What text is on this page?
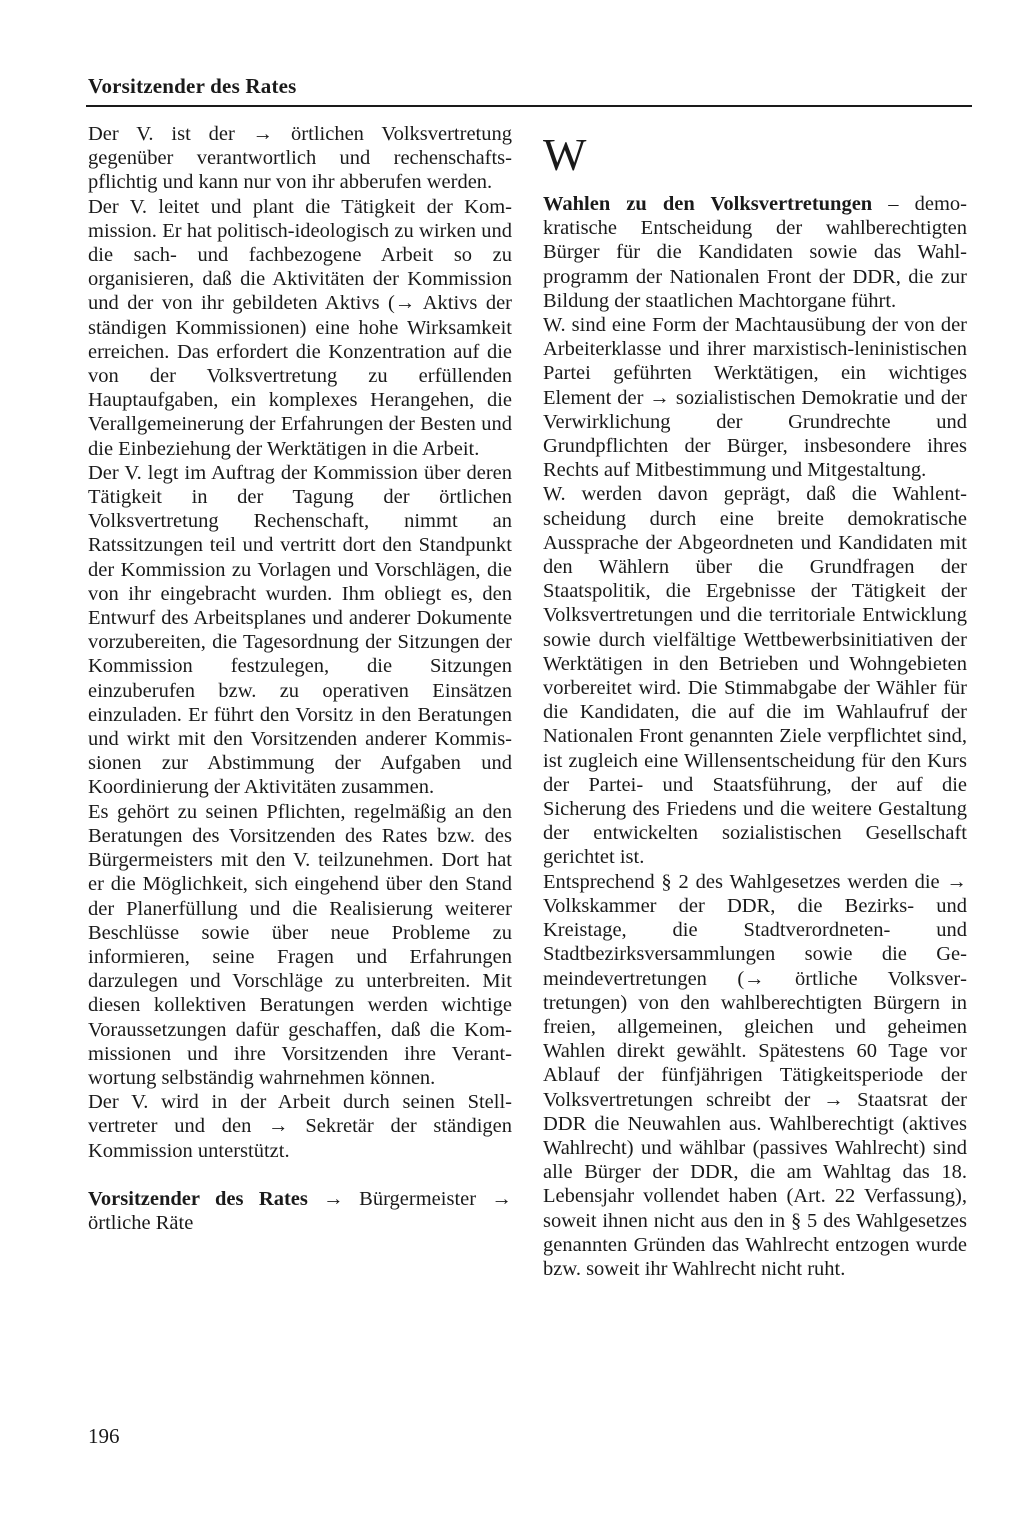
Vorsitzender des Rates

Der V. ist der → örtlichen Volksvertretung gegenüber verantwortlich und rechenschaftspflichtig und kann nur von ihr abberufen werden.

Der V. leitet und plant die Tätigkeit der Kommission. Er hat politisch-ideologisch zu wirken und die sach- und fachbezogene Arbeit so zu organisieren, daß die Aktivitäten der Kommission und der von ihr gebildeten Aktivs (→ Aktivs der ständigen Kommissionen) eine hohe Wirksamkeit erreichen. Das erfordert die Konzentration auf die von der Volksvertretung zu erfüllenden Hauptaufgaben, ein komplexes Herangehen, die Verallgemeinerung der Erfahrungen der Besten und die Einbeziehung der Werktätigen in die Arbeit.

Der V. legt im Auftrag der Kommission über deren Tätigkeit in der Tagung der örtlichen Volksvertretung Rechenschaft, nimmt an Ratssitzungen teil und vertritt dort den Standpunkt der Kommission zu Vorlagen und Vorschlägen, die von ihr eingebracht wurden. Ihm obliegt es, den Entwurf des Arbeitsplanes und anderer Dokumente vorzubereiten, die Tagesordnung der Sitzungen der Kommission festzulegen, die Sitzungen einzuberufen bzw. zu operativen Einsätzen einzuladen. Er führt den Vorsitz in den Beratungen und wirkt mit den Vorsitzenden anderer Kommissionen zur Abstimmung der Aufgaben und Koordinierung der Aktivitäten zusammen.

Es gehört zu seinen Pflichten, regelmäßig an den Beratungen des Vorsitzenden des Rates bzw. des Bürgermeisters mit den V. teilzunehmen. Dort hat er die Möglichkeit, sich eingehend über den Stand der Planerfüllung und die Realisierung weiterer Beschlüsse sowie über neue Probleme zu informieren, seine Fragen und Erfahrungen darzulegen und Vorschläge zu unterbreiten. Mit diesen kollektiven Beratungen werden wichtige Voraussetzungen dafür geschaffen, daß die Kommissionen und ihre Vorsitzenden ihre Verantwortung selbständig wahrnehmen können.

Der V. wird in der Arbeit durch seinen Stellvertreter und den → Sekretär der ständigen Kommission unterstützt.

Vorsitzender des Rates → Bürgermeister → örtliche Räte

W

Wahlen zu den Volksvertretungen – demokratische Entscheidung der wahlberechtigten Bürger für die Kandidaten sowie das Wahlprogramm der Nationalen Front der DDR, die zur Bildung der staatlichen Machtorgane führt.

W. sind eine Form der Machtausübung der von der Arbeiterklasse und ihrer marxistisch-leninistischen Partei geführten Werktätigen, ein wichtiges Element der → sozialistischen Demokratie und der Verwirklichung der Grundrechte und Grundpflichten der Bürger, insbesondere ihres Rechts auf Mitbestimmung und Mitgestaltung.

W. werden davon geprägt, daß die Wahlentscheidung durch eine breite demokratische Aussprache der Abgeordneten und Kandidaten mit den Wählern über die Grundfragen der Staatspolitik, die Ergebnisse der Tätigkeit der Volksvertretungen und die territoriale Entwicklung sowie durch vielfältige Wettbewerbsinitiativen der Werktätigen in den Betrieben und Wohngebieten vorbereitet wird. Die Stimmabgabe der Wähler für die Kandidaten, die auf die im Wahlaufruf der Nationalen Front genannten Ziele verpflichtet sind, ist zugleich eine Willensentscheidung für den Kurs der Partei- und Staatsführung, der auf die Sicherung des Friedens und die weitere Gestaltung der entwickelten sozialistischen Gesellschaft gerichtet ist.

Entsprechend § 2 des Wahlgesetzes werden die → Volkskammer der DDR, die Bezirks- und Kreistage, die Stadtverordneten- und Stadtbezirksversammlungen sowie die Gemeindevertretungen (→ örtliche Volksvertretungen) von den wahlberechtigten Bürgern in freien, allgemeinen, gleichen und geheimen Wahlen direkt gewählt. Spätestens 60 Tage vor Ablauf der fünfjährigen Tätigkeitsperiode der Volksvertretungen schreibt der → Staatsrat der DDR die Neuwahlen aus. Wahlberechtigt (aktives Wahlrecht) und wählbar (passives Wahlrecht) sind alle Bürger der DDR, die am Wahltag das 18. Lebensjahr vollendet haben (Art. 22 Verfassung), soweit ihnen nicht aus den in § 5 des Wahlgesetzes genannten Gründen das Wahlrecht entzogen wurde bzw. soweit ihr Wahlrecht nicht ruht.

196
